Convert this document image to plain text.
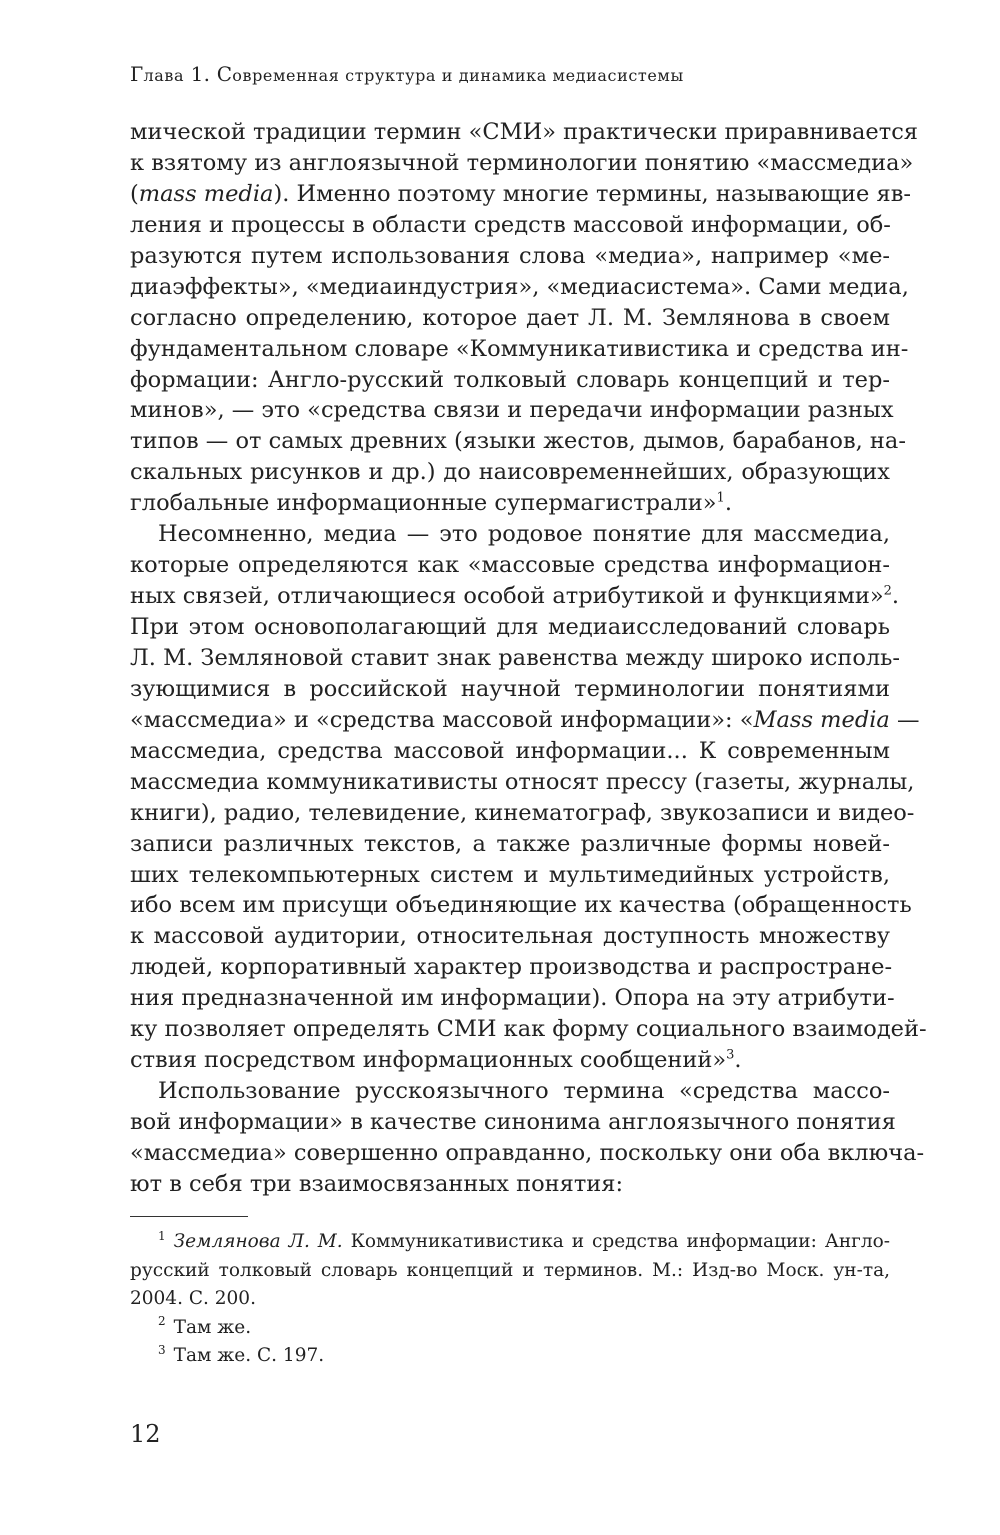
Глава 1. Современная структура и динамика медиасистемы
мической традиции термин «СМИ» практически приравнивается
к взятому из англоязычной терминологии понятию «массмедиа»
(mass media). Именно поэтому многие термины, называющие яв-
ления и процессы в области средств массовой информации, об-
разуются путем использования слова «медиа», например «ме-
диаэффекты», «медиаиндустрия», «медиасистема». Сами медиа,
согласно определению, которое дает Л. М. Землянова в своем
фундаментальном словаре «Коммуникативистика и средства ин-
формации: Англо-русский толковый словарь концепций и тер-
минов», — это «средства связи и передачи информации разных
типов — от самых древних (языки жестов, дымов, барабанов, на-
скальных рисунков и др.) до наисовременнейших, образующих
глобальные информационные супермагистрали»$^1$.
Несомненно, медиа — это родовое понятие для массмедиа,
которые определяются как «массовые средства информацион-
ных связей, отличающиеся особой атрибутикой и функциями»$^2$.
При этом основополагающий для медиаисследований словарь
Л. М. Земляновой ставит знак равенства между широко исполь-
зующимися в российской научной терминологии понятиями
«массмедиа» и «средства массовой информации»: «Mass media —
массмедиа, средства массовой информации... К современным
массмедиа коммуникативисты относят прессу (газеты, журналы,
книги), радио, телевидение, кинематограф, звукозаписи и видео-
записи различных текстов, а также различные формы новей-
ших телекомпьютерных систем и мультимедийных устройств,
ибо всем им присущи объединяющие их качества (обращенность
к массовой аудитории, относительная доступность множеству
людей, корпоративный характер производства и распростране-
ния предназначенной им информации). Опора на эту атрибути-
ку позволяет определять СМИ как форму социального взаимодей-
ствия посредством информационных сообщений»$^3$.
Использование русскоязычного термина «средства массо-
вой информации» в качестве синонима англоязычного понятия
«массмедиа» совершенно оправданно, поскольку они оба включа-
ют в себя три взаимосвязанных понятия:
$^1$ Землянова Л. М. Коммуникативистика и средства информации: Англо-
русский толковый словарь концепций и терминов. М.: Изд-во Моск. ун-та,
2004. С. 200.
$^2$ Там же.
$^3$ Там же. С. 197.
12
